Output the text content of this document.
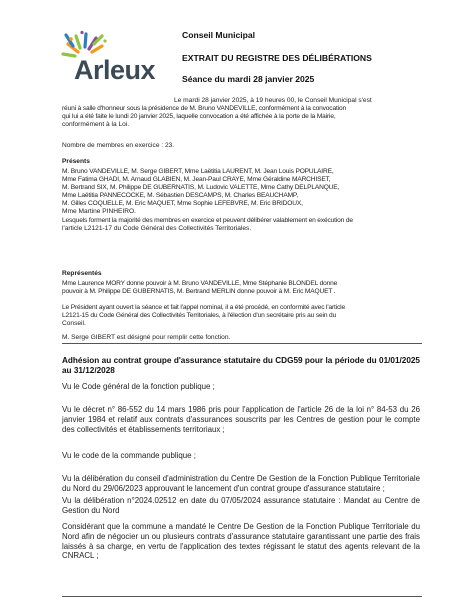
Arleux
Conseil Municipal
EXTRAIT DU REGISTRE DES DÉLIBÉRATIONS
Séance du mardi 28 janvier 2025
Le mardi 28 janvier 2025, à 19 heures 00, le Conseil Municipal s'est
réuni à salle d'honneur sous la présidence de M. Bruno VANDEVILLE, conformément à la convocation
qui lui a été faite le lundi 20 janvier 2025, laquelle convocation a été affichée à la porte de la Mairie,
conformément à la Loi.
Nombre de membres en exercice : 23.
Présents
M. Bruno VANDEVILLE, M. Serge GIBERT, Mme Laëtitia LAURENT, M. Jean Louis POPULAIRE,
Mme Fatima GHADI, M. Arnaud GLABIEN, M. Jean-Paul CRAYE, Mme Géraldine MARCHISET,
M. Bertrand SIX, M. Philippe DE GUBERNATIS, M. Ludovic VALETTE, Mme Cathy DELPLANQUE,
Mme Laëtitia PANNECOCKE, M. Sébastien DESCAMPS, M. Charles BEAUCHAMP,
M. Gilles COQUELLE, M. Eric MAQUET, Mme Sophie LEFEBVRE, M. Eric BRIDOUX,
Mme Martine PINHEIRO.
Lesquels forment la majorité des membres en exercice et peuvent délibérer valablement en exécution de
l'article L2121-17 du Code Général des Collectivités Territoriales.
Représentés
Mme Laurence MORY donne pouvoir à M. Bruno VANDEVILLE, Mme Stéphanie BLONDEL donne
pouvoir à M. Philippe DE GUBERNATIS, M. Bertrand MERLIN donne pouvoir à M. Eric MAQUET .
Le Président ayant ouvert la séance et fait l'appel nominal, il a été procédé, en conformité avec l'article
L2121-15 du Code Général des Collectivités Territoriales, à l'élection d'un secrétaire pris au sein du
Conseil.
M. Serge GIBERT est désigné pour remplir cette fonction.
Adhésion au contrat groupe d'assurance statutaire du CDG59 pour la période du 01/01/2025 au 31/12/2028
Vu le Code général de la fonction publique ;
Vu le décret n° 86-552 du 14 mars 1986 pris pour l'application de l'article 26 de la loi n° 84-53 du 26 janvier 1984 et relatif aux contrats d'assurances souscrits par les Centres de gestion pour le compte des collectivités et établissements territoriaux ;
Vu le code de la commande publique ;
Vu la délibération du conseil d'administration du Centre De Gestion de la Fonction Publique Territoriale du Nord du 29/06/2023 approuvant le lancement d'un contrat groupe d'assurance statutaire ;
Vu la délibération n°2024.02512 en date du 07/05/2024 assurance statutaire : Mandat au Centre de Gestion du Nord
Considérant que la commune a mandaté le Centre De Gestion de la Fonction Publique Territoriale du Nord afin de négocier un ou plusieurs contrats d'assurance statutaire garantissant une partie des frais laissés à sa charge, en vertu de l'application des textes régissant le statut des agents relevant de la CNRACL ;
